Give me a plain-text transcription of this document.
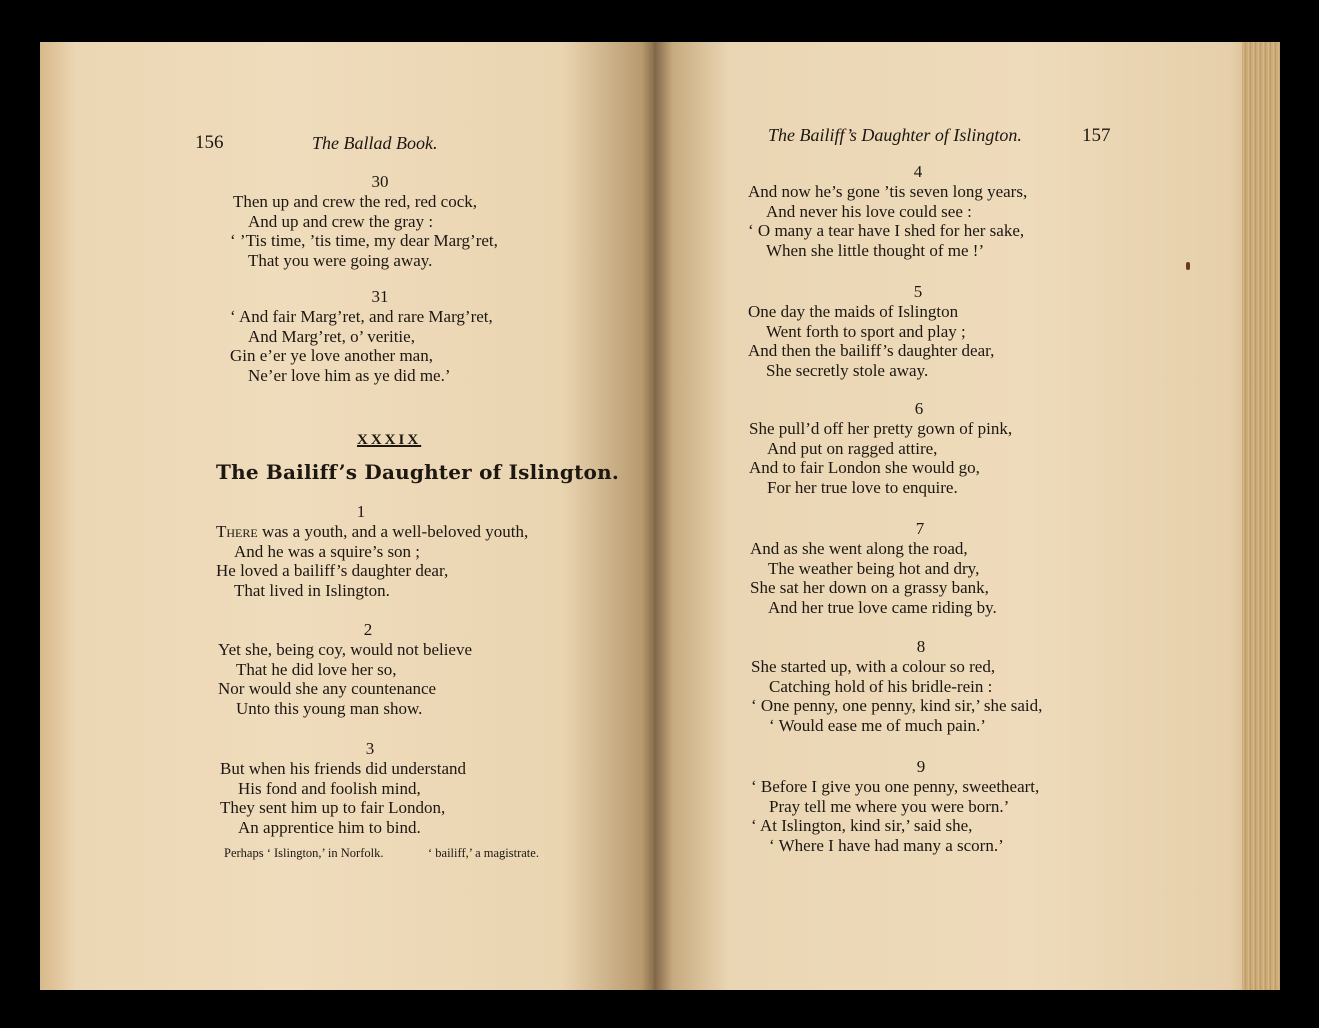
156	The Ballad Book.
30
Then up and crew the red, red cock,
And up and crew the gray :
‘ ’Tis time, ’tis time, my dear Marg’ret,
That you were going away.
31
‘ And fair Marg’ret, and rare Marg’ret,
And Marg’ret, o’ veritie,
Gin e’er ye love another man,
Ne’er love him as ye did me.’
XXXIX
The Bailiff’s Daughter of Islington.
1
There was a youth, and a well-beloved youth,
And he was a squire’s son ;
He loved a bailiff’s daughter dear,
That lived in Islington.
2
Yet she, being coy, would not believe
That he did love her so,
Nor would she any countenance
Unto this young man show.
3
But when his friends did understand
His fond and foolish mind,
They sent him up to fair London,
An apprentice him to bind.
Perhaps ‘ Islington,’ in Norfolk.	‘ bailiff,’ a magistrate.
The Bailiff’s Daughter of Islington.	157
4
And now he’s gone ’tis seven long years,
And never his love could see :
‘ O many a tear have I shed for her sake,
When she little thought of me !’
5
One day the maids of Islington
Went forth to sport and play ;
And then the bailiff’s daughter dear,
She secretly stole away.
6
She pull’d off her pretty gown of pink,
And put on ragged attire,
And to fair London she would go,
For her true love to enquire.
7
And as she went along the road,
The weather being hot and dry,
She sat her down on a grassy bank,
And her true love came riding by.
8
She started up, with a colour so red,
Catching hold of his bridle-rein :
‘ One penny, one penny, kind sir,’ she said,
‘ Would ease me of much pain.’
9
‘ Before I give you one penny, sweetheart,
Pray tell me where you were born.’
‘ At Islington, kind sir,’ said she,
‘ Where I have had many a scorn.’
